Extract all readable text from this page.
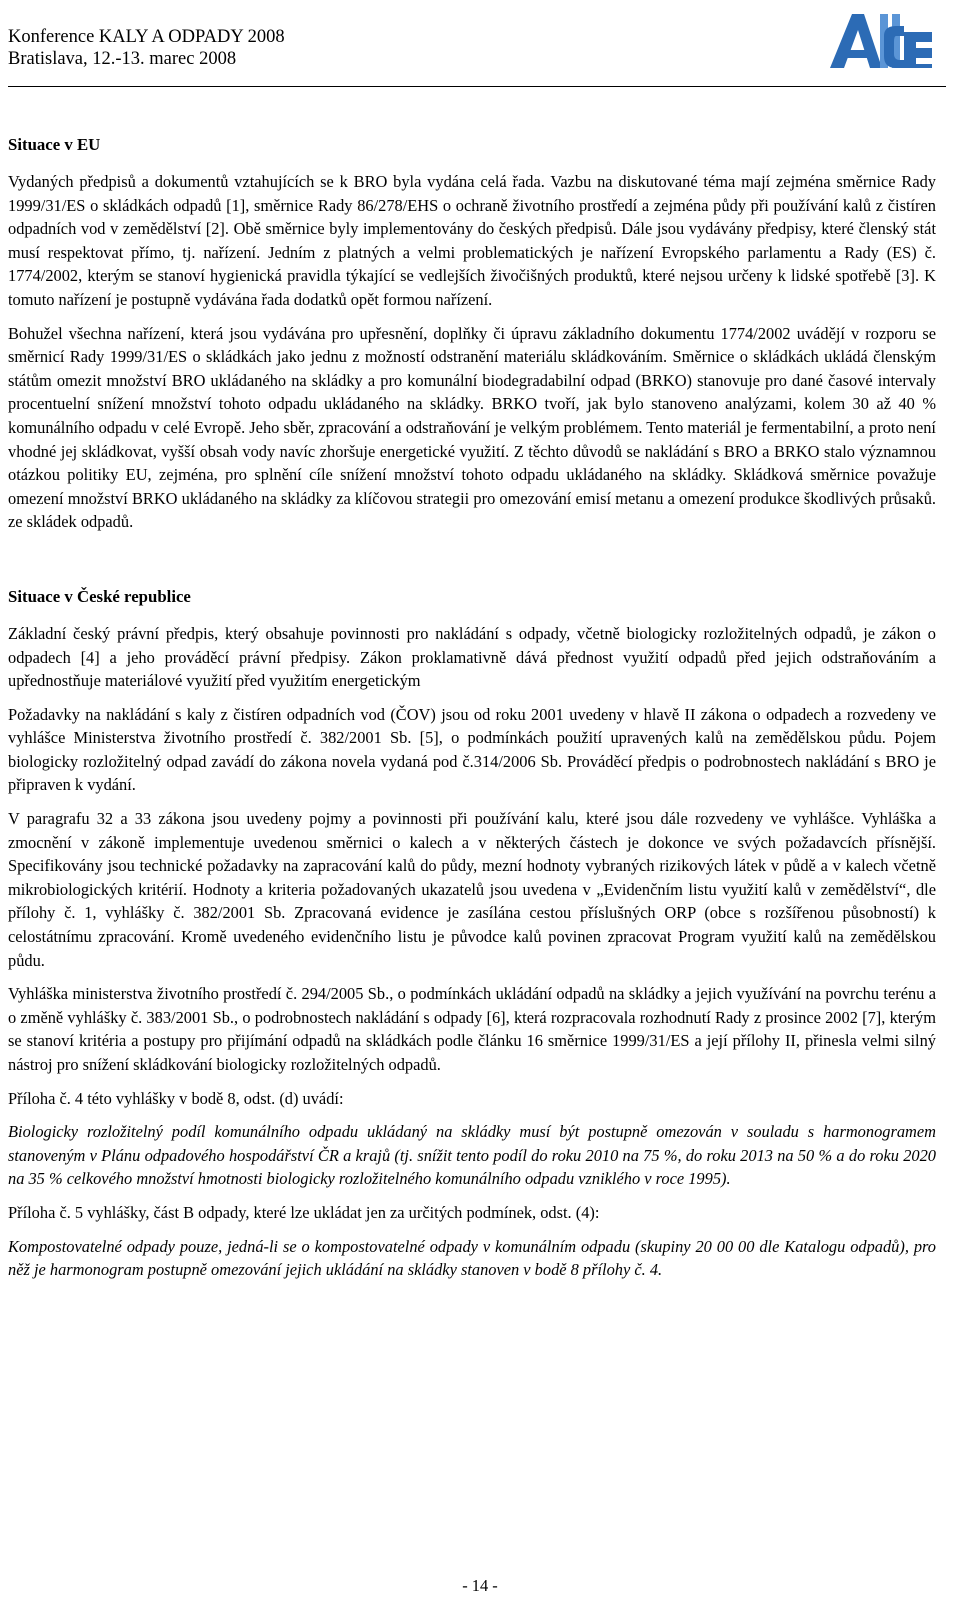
Konference KALY A ODPADY 2008
Bratislava, 12.-13. marec 2008
Situace v EU

Vydaných předpisů a dokumentů vztahujících se k BRO byla vydána celá řada. Vazbu na diskutované téma mají zejména směrnice Rady 1999/31/ES o skládkách odpadů [1], směrnice Rady 86/278/EHS o ochraně životního prostředí a zejména půdy při používání kalů z čistíren odpadních vod v zemědělství [2]. Obě směrnice byly implementovány do českých předpisů. Dále jsou vydávány předpisy, které členský stát musí respektovat přímo, tj. nařízení. Jedním z platných a velmi problematických je nařízení Evropského parlamentu a Rady (ES) č. 1774/2002, kterým se stanoví hygienická pravidla týkající se vedlejších živočišných produktů, které nejsou určeny k lidské spotřebě [3]. K tomuto nařízení je postupně vydávána řada dodatků opět formou nařízení.

Bohužel všechna nařízení, která jsou vydávána pro upřesnění, doplňky či úpravu základního dokumentu 1774/2002 uvádějí v rozporu se směrnicí Rady 1999/31/ES o skládkách jako jednu z možností odstranění materiálu skládkováním. Směrnice o skládkách ukládá členským státům omezit množství BRO ukládaného na skládky a pro komunální biodegradabilní odpad (BRKO) stanovuje pro dané časové intervaly procentuelní snížení množství tohoto odpadu ukládaného na skládky. BRKO tvoří, jak bylo stanoveno analýzami, kolem 30 až 40 % komunálního odpadu v celé Evropě. Jeho sběr, zpracování a odstraňování je velkým problémem. Tento materiál je fermentabilní, a proto není vhodné jej skládkovat, vyšší obsah vody navíc zhoršuje energetické využití. Z těchto důvodů se nakládání s BRO a BRKO stalo významnou otázkou politiky EU, zejména, pro splnění cíle snížení množství tohoto odpadu ukládaného na skládky. Skládková směrnice považuje omezení množství BRKO ukládaného na skládky za klíčovou strategii pro omezování emisí metanu a omezení produkce škodlivých průsaků. ze skládek odpadů.

Situace v České republice

Základní český právní předpis, který obsahuje povinnosti pro nakládání s odpady, včetně biologicky rozložitelných odpadů, je zákon o odpadech [4] a jeho prováděcí právní předpisy. Zákon proklamativně dává přednost využití odpadů před jejich odstraňováním a upřednostňuje materiálové využití před využitím energetickým

Požadavky na nakládání s kaly z čistíren odpadních vod (ČOV) jsou od roku 2001 uvedeny v hlavě II zákona o odpadech a rozvedeny ve vyhlášce Ministerstva životního prostředí č. 382/2001 Sb. [5], o podmínkách použití upravených kalů na zemědělskou půdu. Pojem biologicky rozložitelný odpad zavádí do zákona novela vydaná pod č.314/2006 Sb. Prováděcí předpis o podrobnostech nakládání s BRO je připraven k vydání.

V paragrafu 32 a 33 zákona jsou uvedeny pojmy a povinnosti při používání kalu, které jsou dále rozvedeny ve vyhlášce. Vyhláška a zmocnění v zákoně implementuje uvedenou směrnici o kalech a v některých částech je dokonce ve svých požadavcích přísnější. Specifikovány jsou technické požadavky na zapracování kalů do půdy, mezní hodnoty vybraných rizikových látek v půdě a v kalech včetně mikrobiologických kritérií. Hodnoty a kriteria požadovaných ukazatelů jsou uvedena v „Evidenčním listu využití kalů v zemědělství“, dle přílohy č. 1, vyhlášky č. 382/2001 Sb. Zpracovaná evidence je zasílána cestou příslušných ORP (obce s rozšířenou působností) k celostátnímu zpracování. Kromě uvedeného evidenčního listu je původce kalů povinen zpracovat Program využití kalů na zemědělskou půdu.

Vyhláška ministerstva životního prostředí č. 294/2005 Sb., o podmínkách ukládání odpadů na skládky a jejich využívání na povrchu terénu a o změně vyhlášky č. 383/2001 Sb., o podrobnostech nakládání s odpady [6], která rozpracovala rozhodnutí Rady z prosince 2002 [7], kterým se stanoví kritéria a postupy pro přijímání odpadů na skládkách podle článku 16 směrnice 1999/31/ES a její přílohy II, přinesla velmi silný nástroj pro snížení skládkování biologicky rozložitelných odpadů.

Příloha č. 4 této vyhlášky v bodě 8, odst. (d) uvádí:

Biologicky rozložitelný podíl komunálního odpadu ukládaný na skládky musí být postupně omezován v souladu s harmonogramem stanoveným v Plánu odpadového hospodářství ČR a krajů (tj. snížit tento podíl do roku 2010 na 75 %, do roku 2013 na 50 % a do roku 2020 na 35 % celkového množství hmotnosti biologicky rozložitelného komunálního odpadu vzniklého v roce 1995).

Příloha č. 5 vyhlášky, část B odpady, které lze ukládat jen za určitých podmínek, odst. (4):

Kompostovatelné odpady pouze, jedná-li se o kompostovatelné odpady v komunálním odpadu (skupiny 20 00 00 dle Katalogu odpadů), pro něž je harmonogram postupně omezování jejich ukládání na skládky stanoven v bodě 8 přílohy č. 4.

- 14 -
